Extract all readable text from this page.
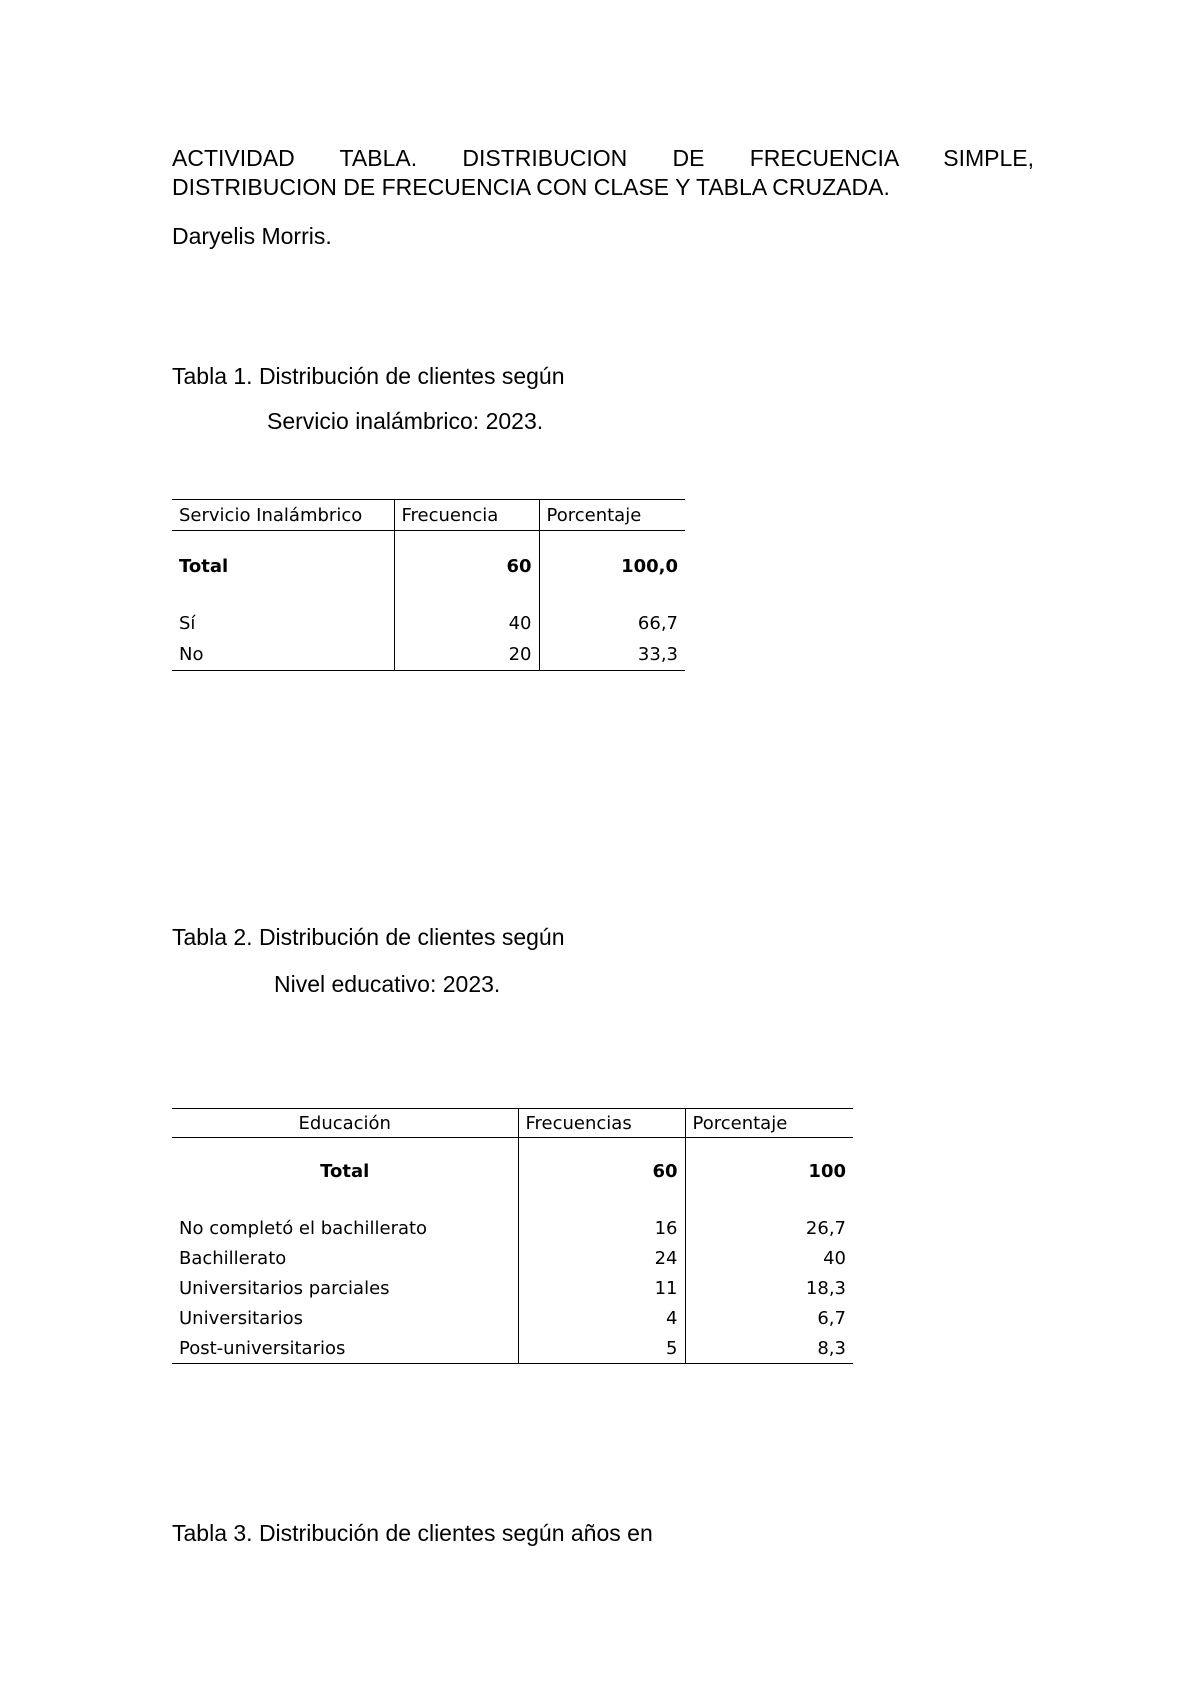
ACTIVIDAD TABLA. DISTRIBUCION DE FRECUENCIA SIMPLE,
DISTRIBUCION DE FRECUENCIA CON CLASE Y TABLA CRUZADA.
Daryelis Morris.
Tabla 1. Distribución de clientes según
Servicio inalámbrico: 2023.
Servicio Inalámbrico	Frecuencia	Porcentaje

Total	60	100,0

Sí	40	66,7
No	20	33,3
Tabla 2. Distribución de clientes según
Nivel educativo: 2023.
Educación	Frecuencias	Porcentaje

Total	60	100

No completó el bachillerato	16	26,7
Bachillerato	24	40
Universitarios parciales	11	18,3
Universitarios	4	6,7
Post-universitarios	5	8,3
Tabla 3. Distribución de clientes según años en
